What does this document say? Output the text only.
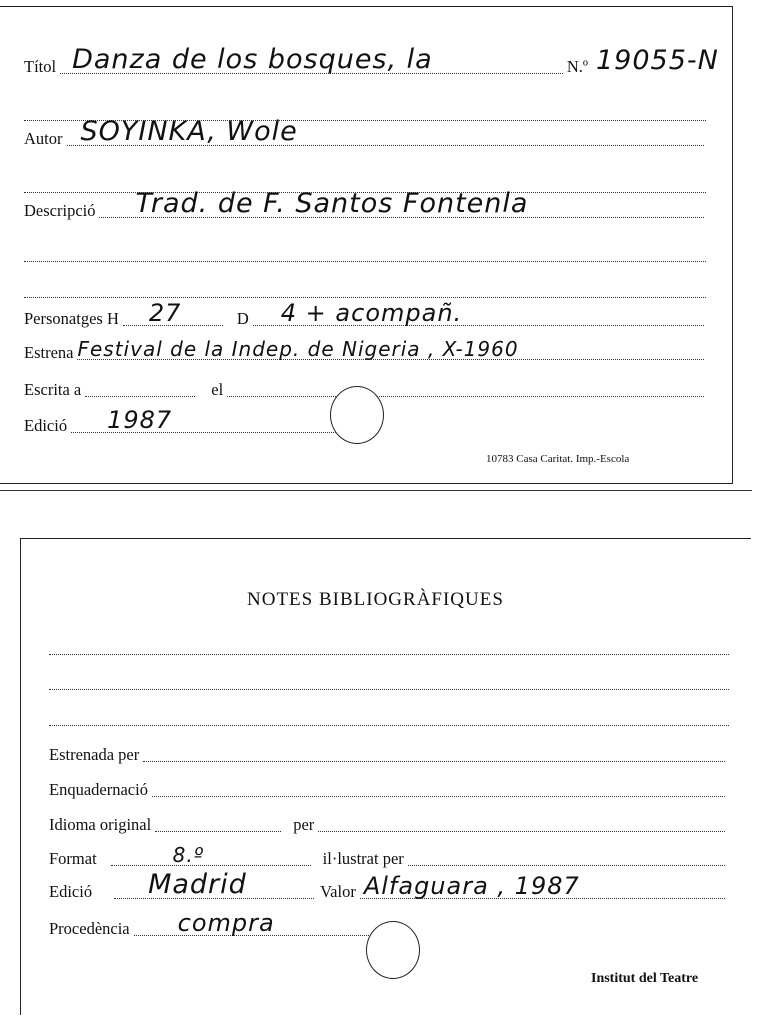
Títol Danza de los bosques, la	N.º 19055-N
Autor SOYINKA, Wole
Descripció Trad. de F. Santos Fontenla
Personatges H 27	D 4 + acompañ.
Estrena Festival de la Indep. de Nigeria , X-1960
Escrita a	el
Edició 1987
10783 Casa Caritat. Imp.-Escola
NOTES BIBLIOGRÀFIQUES
Estrenada per
Enquadernació
Idioma original	per
Format	8.º	il·lustrat per
Edició Madrid	Valor Alfaguara , 1987
Procedència compra
Institut del Teatre
